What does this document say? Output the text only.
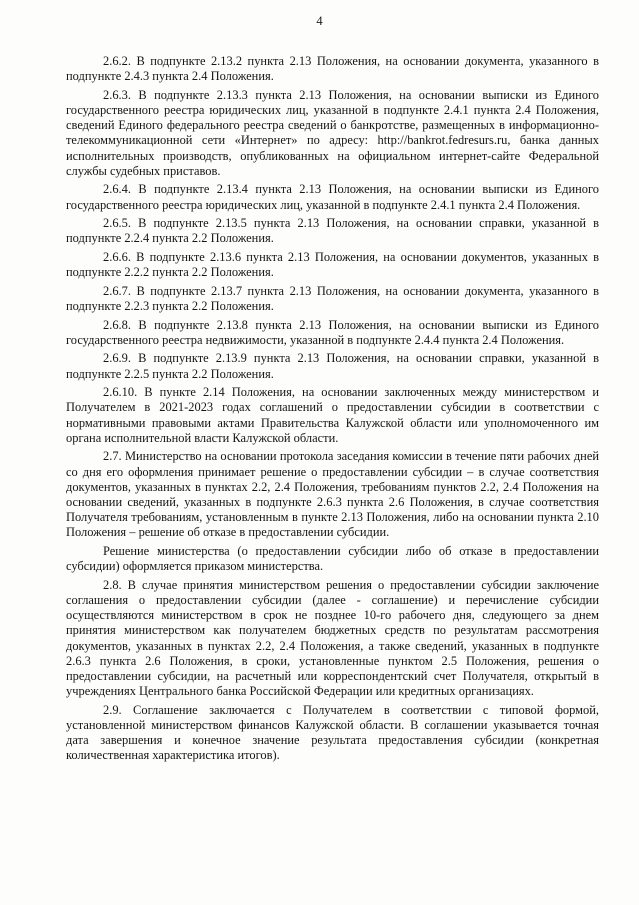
4

2.6.2. В подпункте 2.13.2 пункта 2.13 Положения, на основании документа, указанного в подпункте 2.4.3 пункта 2.4 Положения.

2.6.3. В подпункте 2.13.3 пункта 2.13 Положения, на основании выписки из Единого государственного реестра юридических лиц, указанной в подпункте 2.4.1 пункта 2.4 Положения, сведений Единого федерального реестра сведений о банкротстве, размещенных в информационно-телекоммуникационной сети «Интернет» по адресу: http://bankrot.fedresurs.ru, банка данных исполнительных производств, опубликованных на официальном интернет-сайте Федеральной службы судебных приставов.

2.6.4. В подпункте 2.13.4 пункта 2.13 Положения, на основании выписки из Единого государственного реестра юридических лиц, указанной в подпункте 2.4.1 пункта 2.4 Положения.

2.6.5. В подпункте 2.13.5 пункта 2.13 Положения, на основании справки, указанной в подпункте 2.2.4 пункта 2.2 Положения.

2.6.6. В подпункте 2.13.6 пункта 2.13 Положения, на основании документов, указанных в подпункте 2.2.2 пункта 2.2 Положения.

2.6.7. В подпункте 2.13.7 пункта 2.13 Положения, на основании документа, указанного в подпункте 2.2.3 пункта 2.2 Положения.

2.6.8. В подпункте 2.13.8 пункта 2.13 Положения, на основании выписки из Единого государственного реестра недвижимости, указанной в подпункте 2.4.4 пункта 2.4 Положения.

2.6.9. В подпункте 2.13.9 пункта 2.13 Положения, на основании справки, указанной в подпункте 2.2.5 пункта 2.2 Положения.

2.6.10. В пункте 2.14 Положения, на основании заключенных между министерством и Получателем в 2021-2023 годах соглашений о предоставлении субсидии в соответствии с нормативными правовыми актами Правительства Калужской области или уполномоченного им органа исполнительной власти Калужской области.

2.7. Министерство на основании протокола заседания комиссии в течение пяти рабочих дней со дня его оформления принимает решение о предоставлении субсидии – в случае соответствия документов, указанных в пунктах 2.2, 2.4 Положения, требованиям пунктов 2.2, 2.4 Положения на основании сведений, указанных в подпункте 2.6.3 пункта 2.6 Положения, в случае соответствия Получателя требованиям, установленным в пункте 2.13 Положения, либо на основании пункта 2.10 Положения – решение об отказе в предоставлении субсидии.

Решение министерства (о предоставлении субсидии либо об отказе в предоставлении субсидии) оформляется приказом министерства.

2.8. В случае принятия министерством решения о предоставлении субсидии заключение соглашения о предоставлении субсидии (далее - соглашение) и перечисление субсидии осуществляются министерством в срок не позднее 10-го рабочего дня, следующего за днем принятия министерством как получателем бюджетных средств по результатам рассмотрения документов, указанных в пунктах 2.2, 2.4 Положения, а также сведений, указанных в подпункте 2.6.3 пункта 2.6 Положения, в сроки, установленные пунктом 2.5 Положения, решения о предоставлении субсидии, на расчетный или корреспондентский счет Получателя, открытый в учреждениях Центрального банка Российской Федерации или кредитных организациях.

2.9. Соглашение заключается с Получателем в соответствии с типовой формой, установленной министерством финансов Калужской области. В соглашении указывается точная дата завершения и конечное значение результата предоставления субсидии (конкретная количественная характеристика итогов).
